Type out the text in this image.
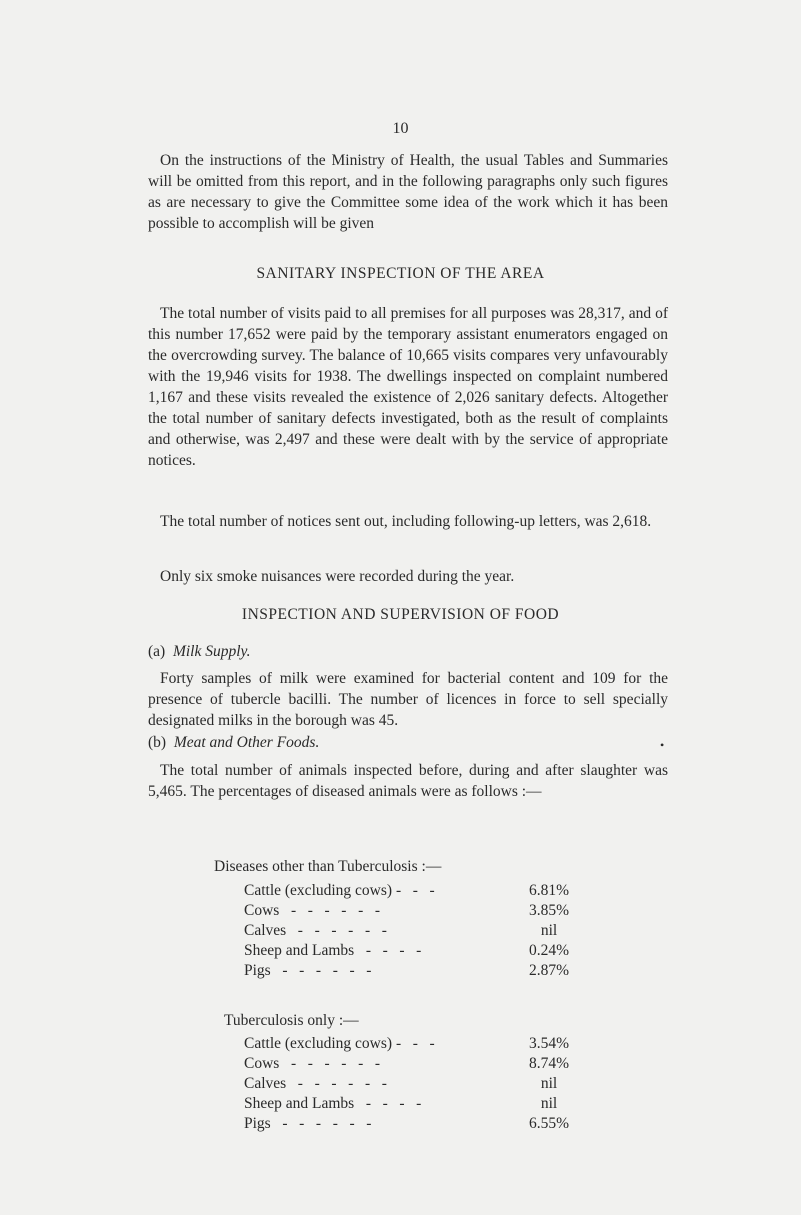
10

On the instructions of the Ministry of Health, the usual Tables and Summaries will be omitted from this report, and in the following paragraphs only such figures as are necessary to give the Committee some idea of the work which it has been possible to accomplish will be given

SANITARY INSPECTION OF THE AREA

The total number of visits paid to all premises for all purposes was 28,317, and of this number 17,652 were paid by the temporary assistant enumerators engaged on the overcrowding survey. The balance of 10,665 visits compares very unfavourably with the 19,946 visits for 1938. The dwellings inspected on complaint numbered 1,167 and these visits revealed the existence of 2,026 sanitary defects. Altogether the total number of sanitary defects investigated, both as the result of complaints and otherwise, was 2,497 and these were dealt with by the service of appropriate notices.

The total number of notices sent out, including following-up letters, was 2,618.

Only six smoke nuisances were recorded during the year.

INSPECTION AND SUPERVISION OF FOOD

(a) Milk Supply.

Forty samples of milk were examined for bacterial content and 109 for the presence of tubercle bacilli. The number of licences in force to sell specially designated milks in the borough was 45.

(b) Meat and Other Foods.	•

The total number of animals inspected before, during and after slaughter was 5,465. The percentages of diseased animals were as follows :—

Diseases other than Tuberculosis :—

Cattle (excluding cows) -   -   -	6.81%
Cows   -   -   -   -   -   -	3.85%
Calves   -   -   -   -   -   -	nil
Sheep and Lambs   -   -   -   -	0.24%
Pigs   -   -   -   -   -   -	2.87%

Tuberculosis only :—

Cattle (excluding cows) -   -   -	3.54%
Cows   -   -   -   -   -   -	8.74%
Calves   -   -   -   -   -   -	nil
Sheep and Lambs   -   -   -   -	nil
Pigs   -   -   -   -   -   -	6.55%
